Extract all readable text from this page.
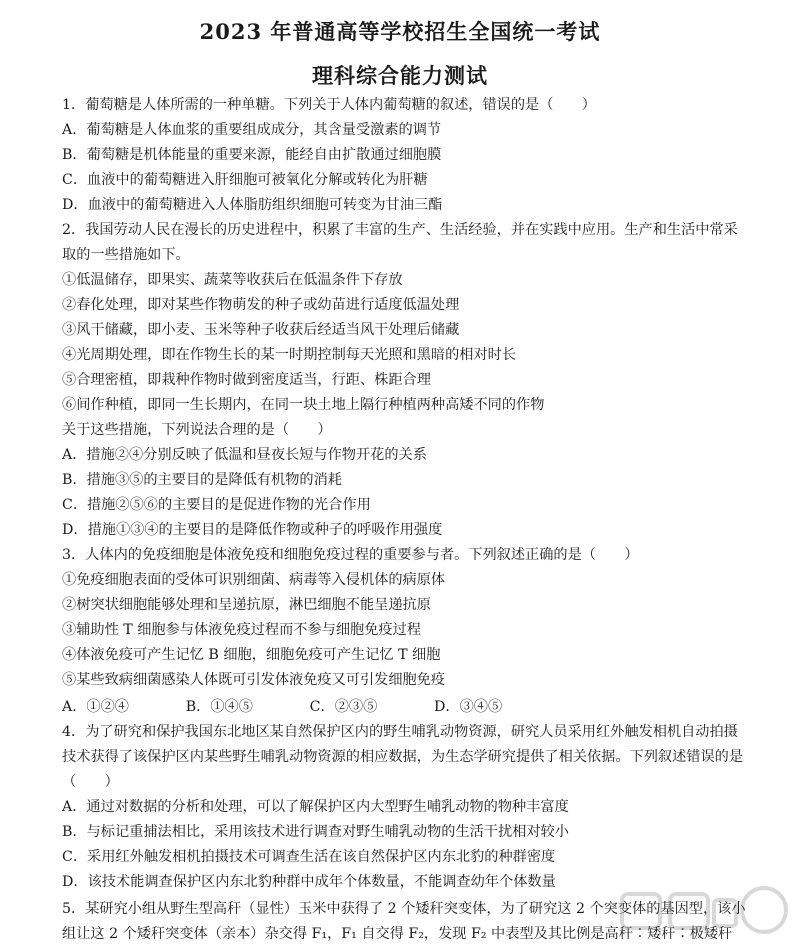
2023 年普通高等学校招生全国统一考试
理科综合能力测试
1．葡萄糖是人体所需的一种单糖。下列关于人体内葡萄糖的叙述，错误的是（　　）
A．葡萄糖是人体血浆的重要组成成分，其含量受激素的调节
B．葡萄糖是机体能量的重要来源，能经自由扩散通过细胞膜
C．血液中的葡萄糖进入肝细胞可被氧化分解或转化为肝糖
D．血液中的葡萄糖进入人体脂肪组织细胞可转变为甘油三酯
2．我国劳动人民在漫长的历史进程中，积累了丰富的生产、生活经验，并在实践中应用。生产和生活中常采
取的一些措施如下。
①低温储存，即果实、蔬菜等收获后在低温条件下存放
②春化处理，即对某些作物萌发的种子或幼苗进行适度低温处理
③风干储藏，即小麦、玉米等种子收获后经适当风干处理后储藏
④光周期处理，即在作物生长的某一时期控制每天光照和黑暗的相对时长
⑤合理密植，即栽种作物时做到密度适当，行距、株距合理
⑥间作种植，即同一生长期内，在同一块土地上隔行种植两种高矮不同的作物
关于这些措施，下列说法合理的是（　　）
A．措施②④分别反映了低温和昼夜长短与作物开花的关系
B．措施③⑤的主要目的是降低有机物的消耗
C．措施②⑤⑥的主要目的是促进作物的光合作用
D．措施①③④的主要目的是降低作物或种子的呼吸作用强度
3．人体内的免疫细胞是体液免疫和细胞免疫过程的重要参与者。下列叙述正确的是（　　）
①免疫细胞表面的受体可识别细菌、病毒等入侵机体的病原体
②树突状细胞能够处理和呈递抗原，淋巴细胞不能呈递抗原
③辅助性 T 细胞参与体液免疫过程而不参与细胞免疫过程
④体液免疫可产生记忆 B 细胞，细胞免疫可产生记忆 T 细胞
⑤某些致病细菌感染人体既可引发体液免疫又可引发细胞免疫
A．①②④　　　　B．①④⑤　　　　C．②③⑤　　　　D．③④⑤
4．为了研究和保护我国东北地区某自然保护区内的野生哺乳动物资源，研究人员采用红外触发相机自动拍摄
技术获得了该保护区内某些野生哺乳动物资源的相应数据，为生态学研究提供了相关依据。下列叙述错误的是
（　　）
A．通过对数据的分析和处理，可以了解保护区内大型野生哺乳动物的物种丰富度
B．与标记重捕法相比，采用该技术进行调查对野生哺乳动物的生活干扰相对较小
C．采用红外触发相机拍摄技术可调查生活在该自然保护区内东北豹的种群密度
D．该技术能调查保护区内东北豹种群中成年个体数量，不能调查幼年个体数量
5．某研究小组从野生型高秆（显性）玉米中获得了 2 个矮秆突变体，为了研究这 2 个突变体的基因型，该小
组让这 2 个矮秆突变体（亲本）杂交得 F₁，F₁ 自交得 F₂，发现 F₂ 中表型及其比例是高秆∶矮秆∶极矮秆
